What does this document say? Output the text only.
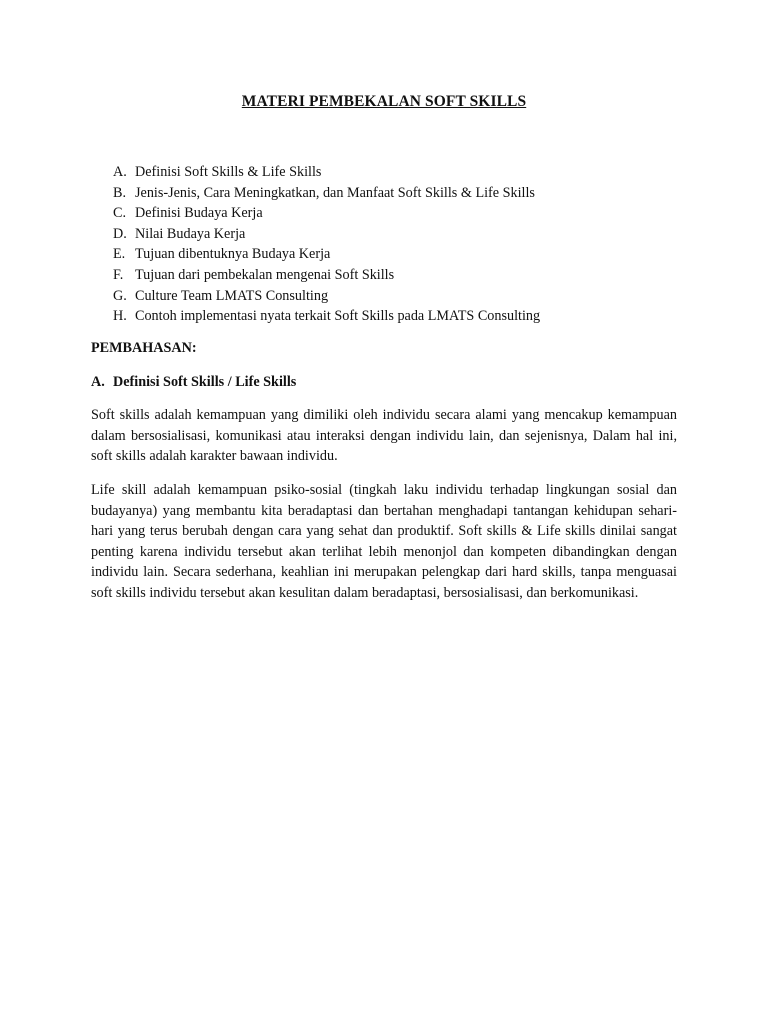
MATERI PEMBEKALAN SOFT SKILLS
A. Definisi Soft Skills & Life Skills
B. Jenis-Jenis, Cara Meningkatkan, dan Manfaat Soft Skills & Life Skills
C. Definisi Budaya Kerja
D. Nilai Budaya Kerja
E. Tujuan dibentuknya Budaya Kerja
F. Tujuan dari pembekalan mengenai Soft Skills
G. Culture Team LMATS Consulting
H. Contoh implementasi nyata terkait Soft Skills pada LMATS Consulting
PEMBAHASAN:
A. Definisi Soft Skills / Life Skills

Soft skills adalah kemampuan yang dimiliki oleh individu secara alami yang mencakup kemampuan dalam bersosialisasi, komunikasi atau interaksi dengan individu lain, dan sejenisnya, Dalam hal ini, soft skills adalah karakter bawaan individu.

Life skill adalah kemampuan psiko-sosial (tingkah laku individu terhadap lingkungan sosial dan budayanya) yang membantu kita beradaptasi dan bertahan menghadapi tantangan kehidupan sehari-hari yang terus berubah dengan cara yang sehat dan produktif. Soft skills & Life skills dinilai sangat penting karena individu tersebut akan terlihat lebih menonjol dan kompeten dibandingkan dengan individu lain. Secara sederhana, keahlian ini merupakan pelengkap dari hard skills, tanpa menguasai soft skills individu tersebut akan kesulitan dalam beradaptasi, bersosialisasi, dan berkomunikasi.
